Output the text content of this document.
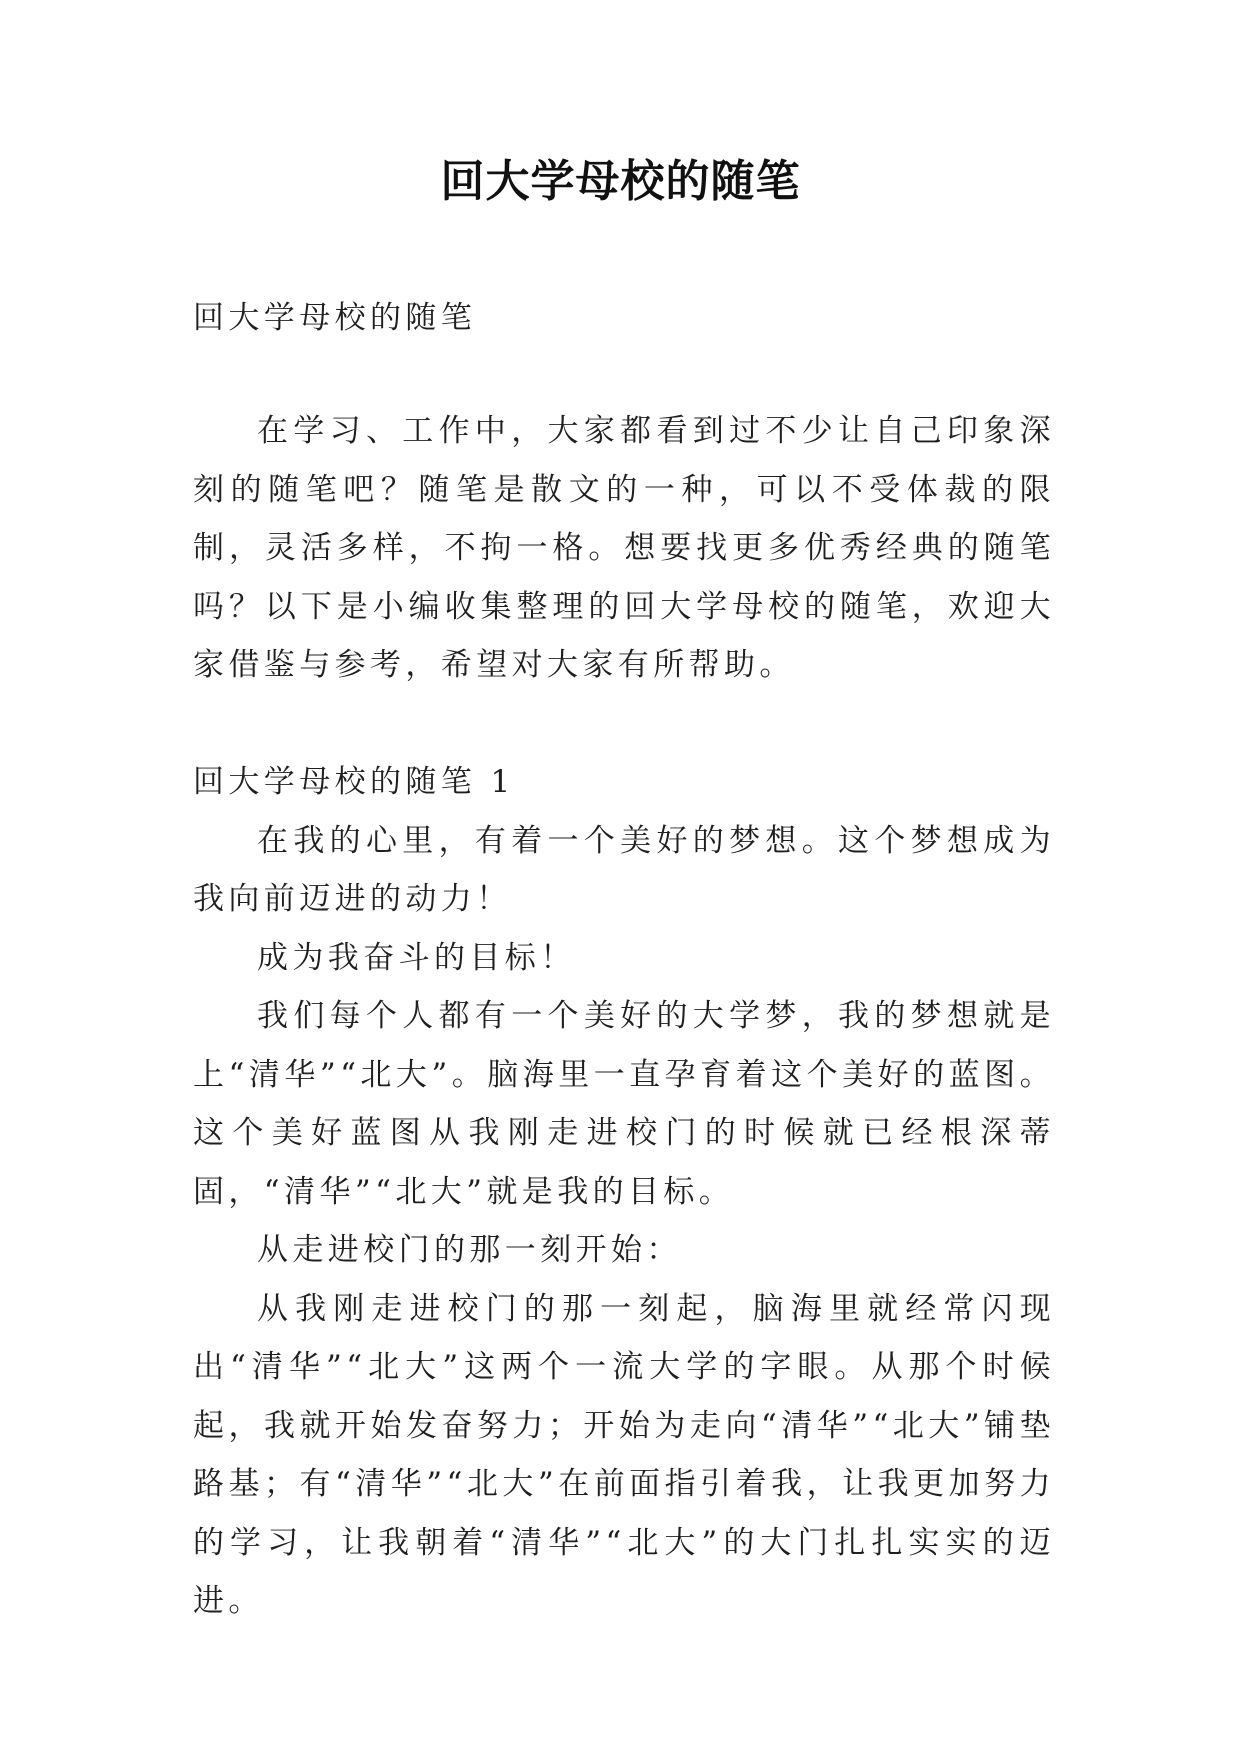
回大学母校的随笔
回大学母校的随笔
在学习、工作中，大家都看到过不少让自己印象深刻的随笔吧？随笔是散文的一种，可以不受体裁的限制，灵活多样，不拘一格。想要找更多优秀经典的随笔吗？以下是小编收集整理的回大学母校的随笔，欢迎大家借鉴与参考，希望对大家有所帮助。

回大学母校的随笔 1

在我的心里，有着一个美好的梦想。这个梦想成为我向前迈进的动力！

成为我奋斗的目标！

我们每个人都有一个美好的大学梦，我的梦想就是上“清华”“北大”。脑海里一直孕育着这个美好的蓝图。这个美好蓝图从我刚走进校门的时候就已经根深蒂固，“清华”“北大”就是我的目标。

从走进校门的那一刻开始：

从我刚走进校门的那一刻起，脑海里就经常闪现出“清华”“北大”这两个一流大学的字眼。从那个时候起，我就开始发奋努力；开始为走向“清华”“北大”铺垫路基；有“清华”“北大”在前面指引着我，让我更加努力的学习，让我朝着“清华”“北大”的大门扎扎实实的迈进。
